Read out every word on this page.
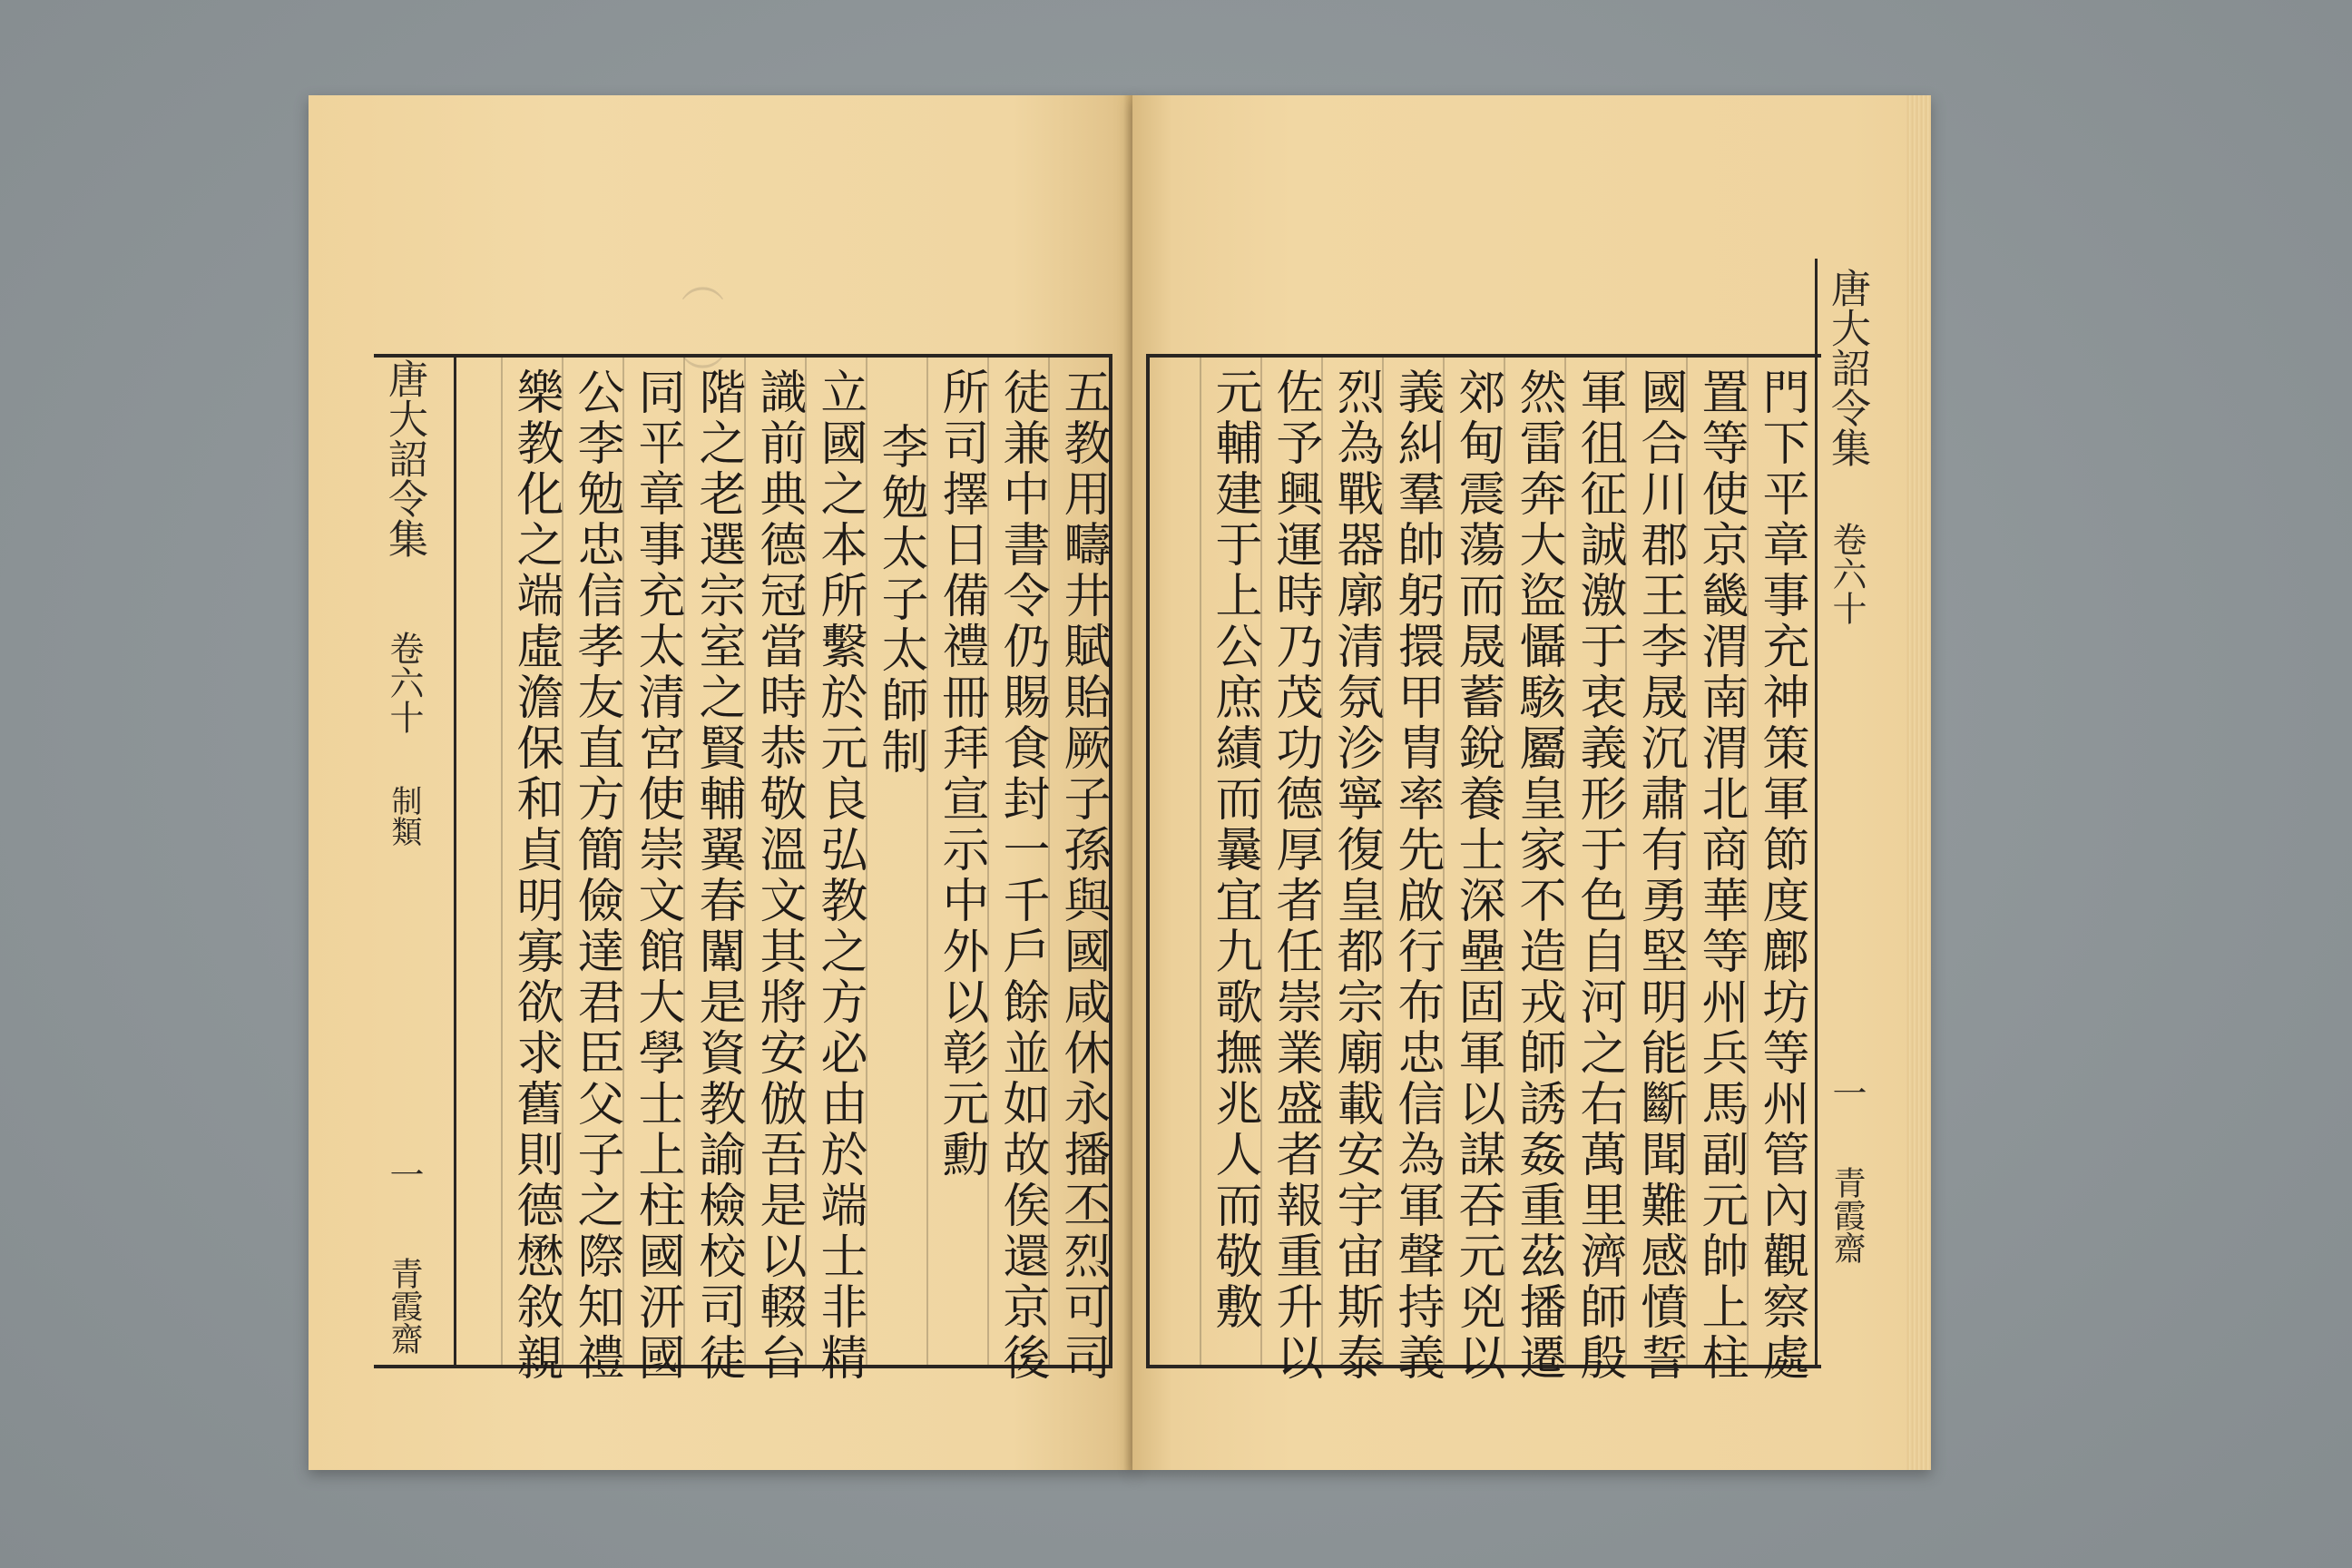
（ ）
唐大詔令集
卷六十
制類
一
青霞齋	五教用疇井賦貽厥子孫與國咸休永播丕烈可司
徒兼中書令仍賜食封一千戶餘並如故俟還京後
所司擇日備禮冊拜宣示中外以彰元勳
李勉太子太師制
立國之本所繫於元良弘教之方必由於端士非精
識前典德冠當時恭敬溫文其將安倣吾是以輟台
階之老選宗室之賢輔翼春闈是資教諭檢校司徒
同平章事充太清宮使崇文館大學士上柱國汧國
公李勉忠信孝友直方簡儉達君臣父子之際知禮
樂教化之端虛澹保和貞明寡欲求舊則德懋敘親	唐大詔令集
卷六十
一
青霞齋
門下平章事充神策軍節度鄜坊等州管內觀察處
置等使京畿渭南渭北商華等州兵馬副元帥上柱
國合川郡王李晟沉肅有勇堅明能斷聞難感憤誓
軍徂征誠激于衷義形于色自河之右萬里濟師殷
然雷奔大盜懾駭屬皇家不造戎師誘姦重茲播遷
郊甸震蕩而晟蓄銳養士深壘固軍以謀吞元兇以
義糾羣帥躬擐甲胄率先啟行布忠信為軍聲持義
烈為戰器廓清氛沴寧復皇都宗廟載安宇宙斯泰
佐予興運時乃茂功德厚者任崇業盛者報重升以
元輔建于上公庶績而曩宜九歌撫兆人而敬敷
